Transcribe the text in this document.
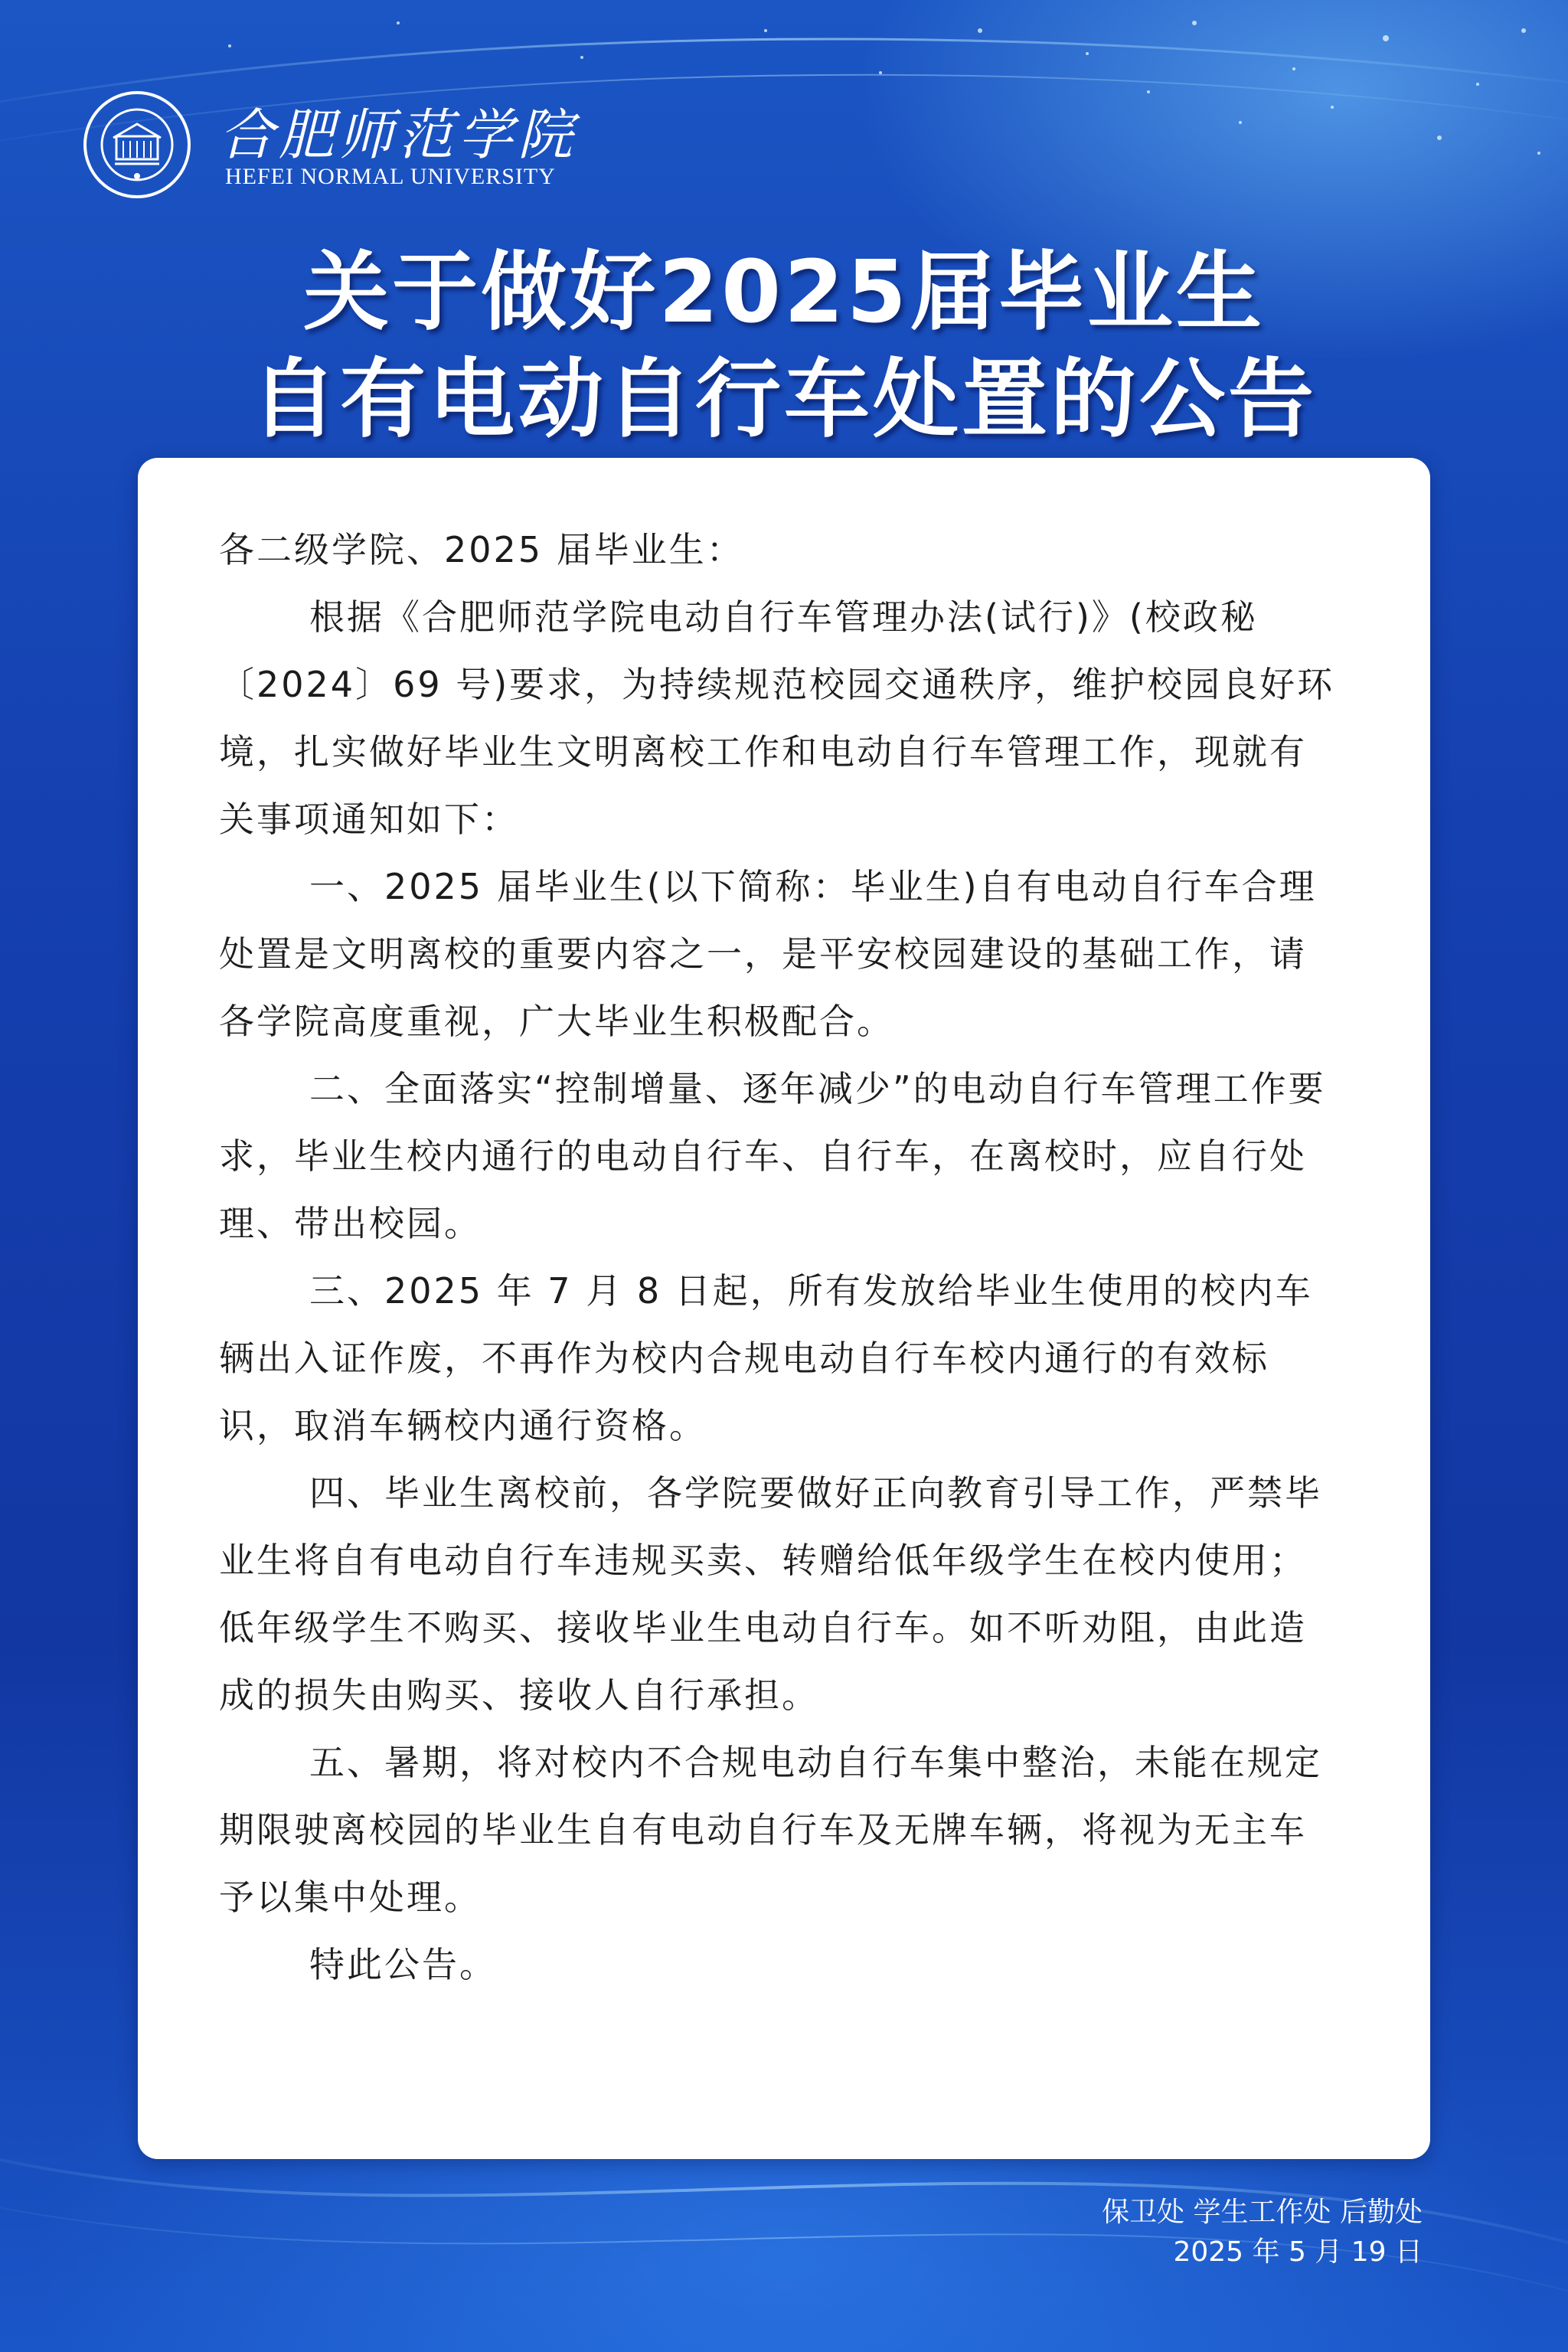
合肥师范学院
HEFEI NORMAL UNIVERSITY
关于做好2025届毕业生
自有电动自行车处置的公告

各二级学院、2025 届毕业生：

根据《合肥师范学院电动自行车管理办法(试行)》(校政秘〔2024〕69 号)要求，为持续规范校园交通秩序，维护校园良好环境，扎实做好毕业生文明离校工作和电动自行车管理工作，现就有关事项通知如下：

一、2025 届毕业生(以下简称：毕业生)自有电动自行车合理处置是文明离校的重要内容之一，是平安校园建设的基础工作，请各学院高度重视，广大毕业生积极配合。

二、全面落实“控制增量、逐年减少”的电动自行车管理工作要求，毕业生校内通行的电动自行车、自行车，在离校时，应自行处理、带出校园。

三、2025 年 7 月 8 日起，所有发放给毕业生使用的校内车辆出入证作废，不再作为校内合规电动自行车校内通行的有效标识，取消车辆校内通行资格。

四、毕业生离校前，各学院要做好正向教育引导工作，严禁毕业生将自有电动自行车违规买卖、转赠给低年级学生在校内使用；低年级学生不购买、接收毕业生电动自行车。如不听劝阻，由此造成的损失由购买、接收人自行承担。

五、暑期，将对校内不合规电动自行车集中整治，未能在规定期限驶离校园的毕业生自有电动自行车及无牌车辆，将视为无主车予以集中处理。

特此公告。

保卫处 学生工作处 后勤处
2025 年 5 月 19 日
